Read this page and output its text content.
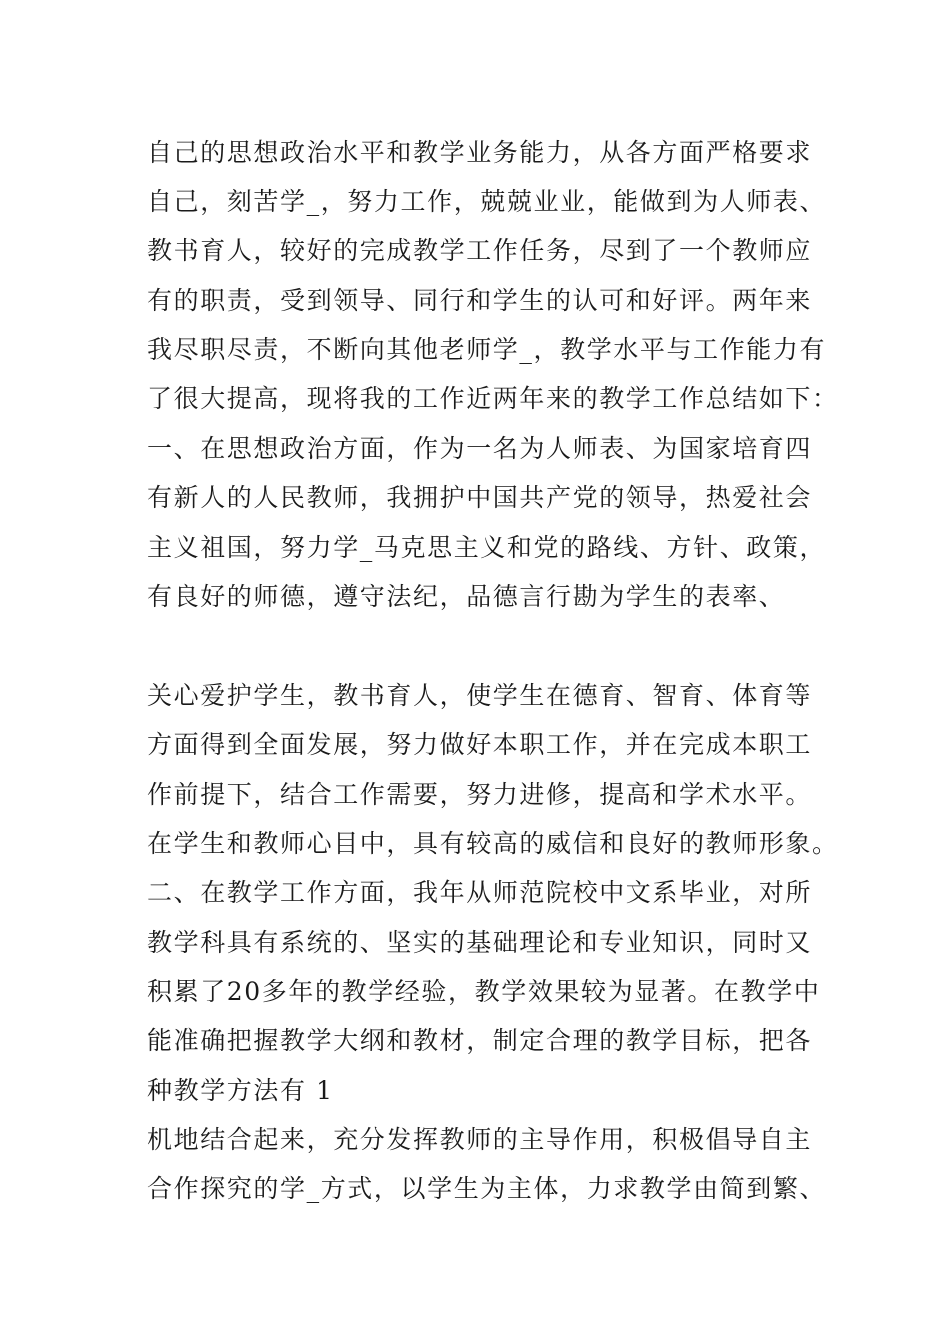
自己的思想政治水平和教学业务能力，从各方面严格要求
自己，刻苦学_，努力工作，兢兢业业，能做到为人师表、
教书育人，较好的完成教学工作任务，尽到了一个教师应
有的职责，受到领导、同行和学生的认可和好评。两年来
我尽职尽责，不断向其他老师学_，教学水平与工作能力有
了很大提高，现将我的工作近两年来的教学工作总结如下：
一、在思想政治方面，作为一名为人师表、为国家培育四
有新人的人民教师，我拥护中国共产党的领导，热爱社会
主义祖国，努力学_马克思主义和党的路线、方针、政策，
有良好的师德，遵守法纪，品德言行勘为学生的表率、
关心爱护学生，教书育人，使学生在德育、智育、体育等
方面得到全面发展，努力做好本职工作，并在完成本职工
作前提下，结合工作需要，努力进修，提高和学术水平。
在学生和教师心目中，具有较高的威信和良好的教师形象。
二、在教学工作方面，我年从师范院校中文系毕业，对所
教学科具有系统的、坚实的基础理论和专业知识，同时又
积累了20多年的教学经验，教学效果较为显著。在教学中
能准确把握教学大纲和教材，制定合理的教学目标，把各
种教学方法有 1
机地结合起来，充分发挥教师的主导作用，积极倡导自主
合作探究的学_方式，以学生为主体，力求教学由简到繁、
